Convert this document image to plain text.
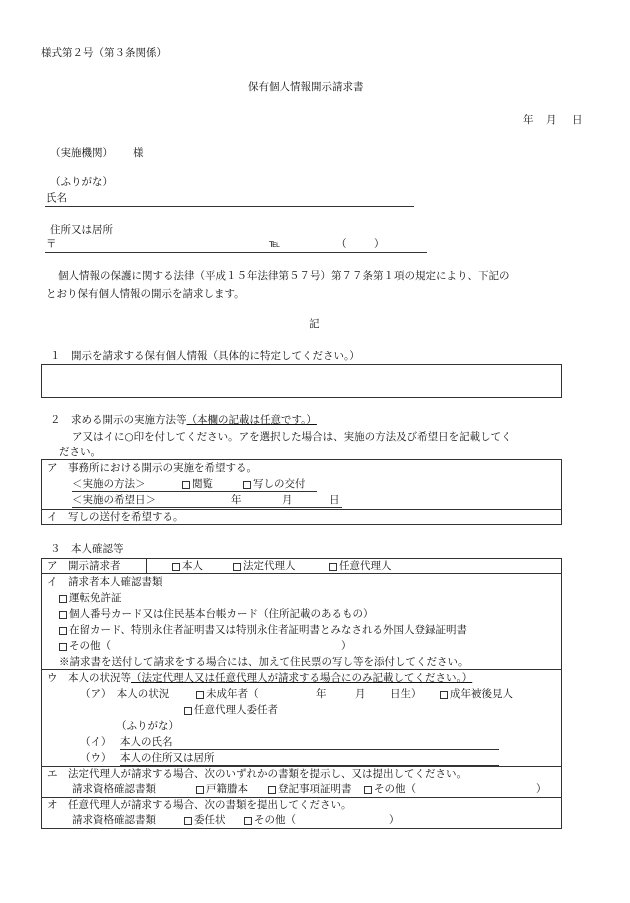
様式第２号（第３条関係）
保有個人情報開示請求書
年 月 日
（実施機関） 様
（ふりがな）
氏名
住所又は居所
〒	℡	（	）
個人情報の保護に関する法律（平成１５年法律第５７号）第７７条第１項の規定により、下記の
とおり保有個人情報の開示を請求します。
記
１　開示を請求する保有個人情報（具体的に特定してください。）
２　求める開示の実施方法等（本欄の記載は任意です。）
ア又はイに○印を付してください。アを選択した場合は、実施の方法及び希望日を記載してく
ださい。
ア　事務所における開示の実施を希望する。
＜実施の方法＞	閲覧	写しの交付
＜実施の希望日＞	年	月	日
イ　写しの送付を希望する。
３　本人確認等
ア　開示請求者	本人	法定代理人	任意代理人
イ　請求者本人確認書類
運転免許証
個人番号カード又は住民基本台帳カード（住所記載のあるもの）
在留カード、特別永住者証明書又は特別永住者証明書とみなされる外国人登録証明書
その他（	）
※請求書を送付して請求をする場合には、加えて住民票の写し等を添付してください。
ウ　本人の状況等（法定代理人又は任意代理人が請求する場合にのみ記載してください。）
（ア）　本人の状況	未成年者（	年	月 日生）	成年被後見人
任意代理人委任者
（ふりがな）
（イ） 本人の氏名
（ウ） 本人の住所又は居所
エ　法定代理人が請求する場合、次のいずれかの書類を提示し、又は提出してください。
請求資格確認書類	戸籍謄本	登記事項証明書 その他（	）
オ　任意代理人が請求する場合、次の書類を提出してください。
請求資格確認書類	委任状	その他（	）
